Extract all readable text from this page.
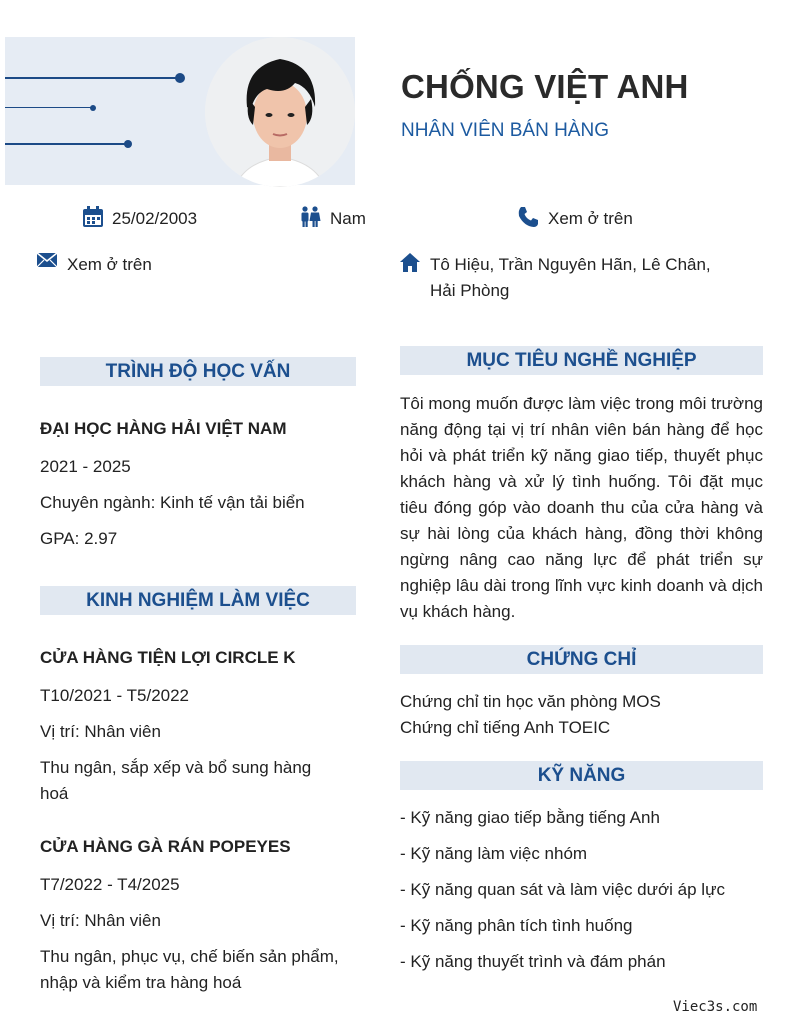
CHỐNG VIỆT ANH
NHÂN VIÊN BÁN HÀNG
25/02/2003	Nam	Xem ở trên
Xem ở trên	Tô Hiệu, Trần Nguyên Hãn, Lê Chân,
Hải Phòng
TRÌNH ĐỘ HỌC VẤN
ĐẠI HỌC HÀNG HẢI VIỆT NAM
2021 - 2025
Chuyên ngành: Kinh tế vận tải biển
GPA: 2.97
KINH NGHIỆM LÀM VIỆC
CỬA HÀNG TIỆN LỢI CIRCLE K
T10/2021 - T5/2022
Vị trí: Nhân viên
Thu ngân, sắp xếp và bổ sung hàng
hoá
CỬA HÀNG GÀ RÁN POPEYES
T7/2022 - T4/2025
Vị trí: Nhân viên
Thu ngân, phục vụ, chế biến sản phẩm,
nhập và kiểm tra hàng hoá
MỤC TIÊU NGHỀ NGHIỆP
Tôi mong muốn được làm việc trong môi trường năng động tại vị trí nhân viên bán hàng để học hỏi và phát triển kỹ năng giao tiếp, thuyết phục khách hàng và xử lý tình huống. Tôi đặt mục tiêu đóng góp vào doanh thu của cửa hàng và sự hài lòng của khách hàng, đồng thời không ngừng nâng cao năng lực để phát triển sự nghiệp lâu dài trong lĩnh vực kinh doanh và dịch vụ khách hàng.
CHỨNG CHỈ
Chứng chỉ tin học văn phòng MOS
Chứng chỉ tiếng Anh TOEIC
KỸ NĂNG
- Kỹ năng giao tiếp bằng tiếng Anh
- Kỹ năng làm việc nhóm
- Kỹ năng quan sát và làm việc dưới áp lực
- Kỹ năng phân tích tình huống
- Kỹ năng thuyết trình và đám phán
Viec3s.com
